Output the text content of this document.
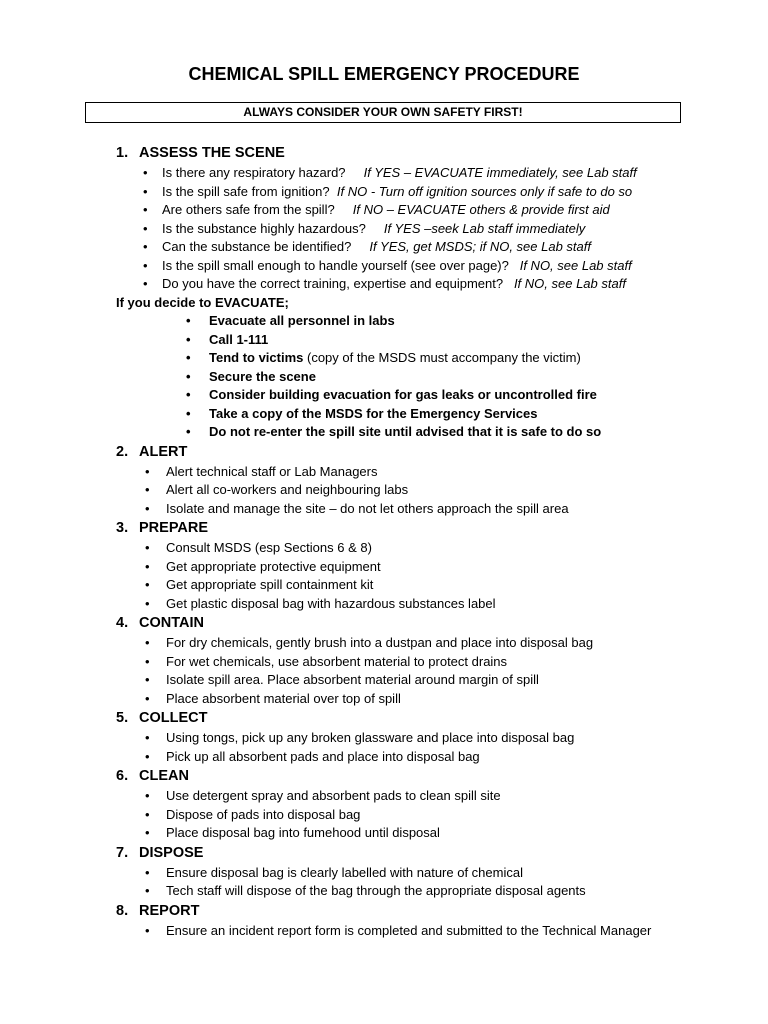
CHEMICAL SPILL EMERGENCY PROCEDURE
ALWAYS CONSIDER YOUR OWN SAFETY FIRST!
1. ASSESS THE SCENE
• Is there any respiratory hazard? If YES – EVACUATE immediately, see Lab staff
• Is the spill safe from ignition? If NO - Turn off ignition sources only if safe to do so
• Are others safe from the spill? If NO – EVACUATE others & provide first aid
• Is the substance highly hazardous? If YES –seek Lab staff immediately
• Can the substance be identified? If YES, get MSDS; if NO, see Lab staff
• Is the spill small enough to handle yourself (see over page)? If NO, see Lab staff
• Do you have the correct training, expertise and equipment? If NO, see Lab staff
If you decide to EVACUATE;
• Evacuate all personnel in labs
• Call 1-111
• Tend to victims (copy of the MSDS must accompany the victim)
• Secure the scene
• Consider building evacuation for gas leaks or uncontrolled fire
• Take a copy of the MSDS for the Emergency Services
• Do not re-enter the spill site until advised that it is safe to do so
2. ALERT
• Alert technical staff or Lab Managers
• Alert all co-workers and neighbouring labs
• Isolate and manage the site – do not let others approach the spill area
3. PREPARE
• Consult MSDS (esp Sections 6 & 8)
• Get appropriate protective equipment
• Get appropriate spill containment kit
• Get plastic disposal bag with hazardous substances label
4. CONTAIN
• For dry chemicals, gently brush into a dustpan and place into disposal bag
• For wet chemicals, use absorbent material to protect drains
• Isolate spill area. Place absorbent material around margin of spill
• Place absorbent material over top of spill
5. COLLECT
• Using tongs, pick up any broken glassware and place into disposal bag
• Pick up all absorbent pads and place into disposal bag
6. CLEAN
• Use detergent spray and absorbent pads to clean spill site
• Dispose of pads into disposal bag
• Place disposal bag into fumehood until disposal
7. DISPOSE
• Ensure disposal bag is clearly labelled with nature of chemical
• Tech staff will dispose of the bag through the appropriate disposal agents
8. REPORT
• Ensure an incident report form is completed and submitted to the Technical Manager
